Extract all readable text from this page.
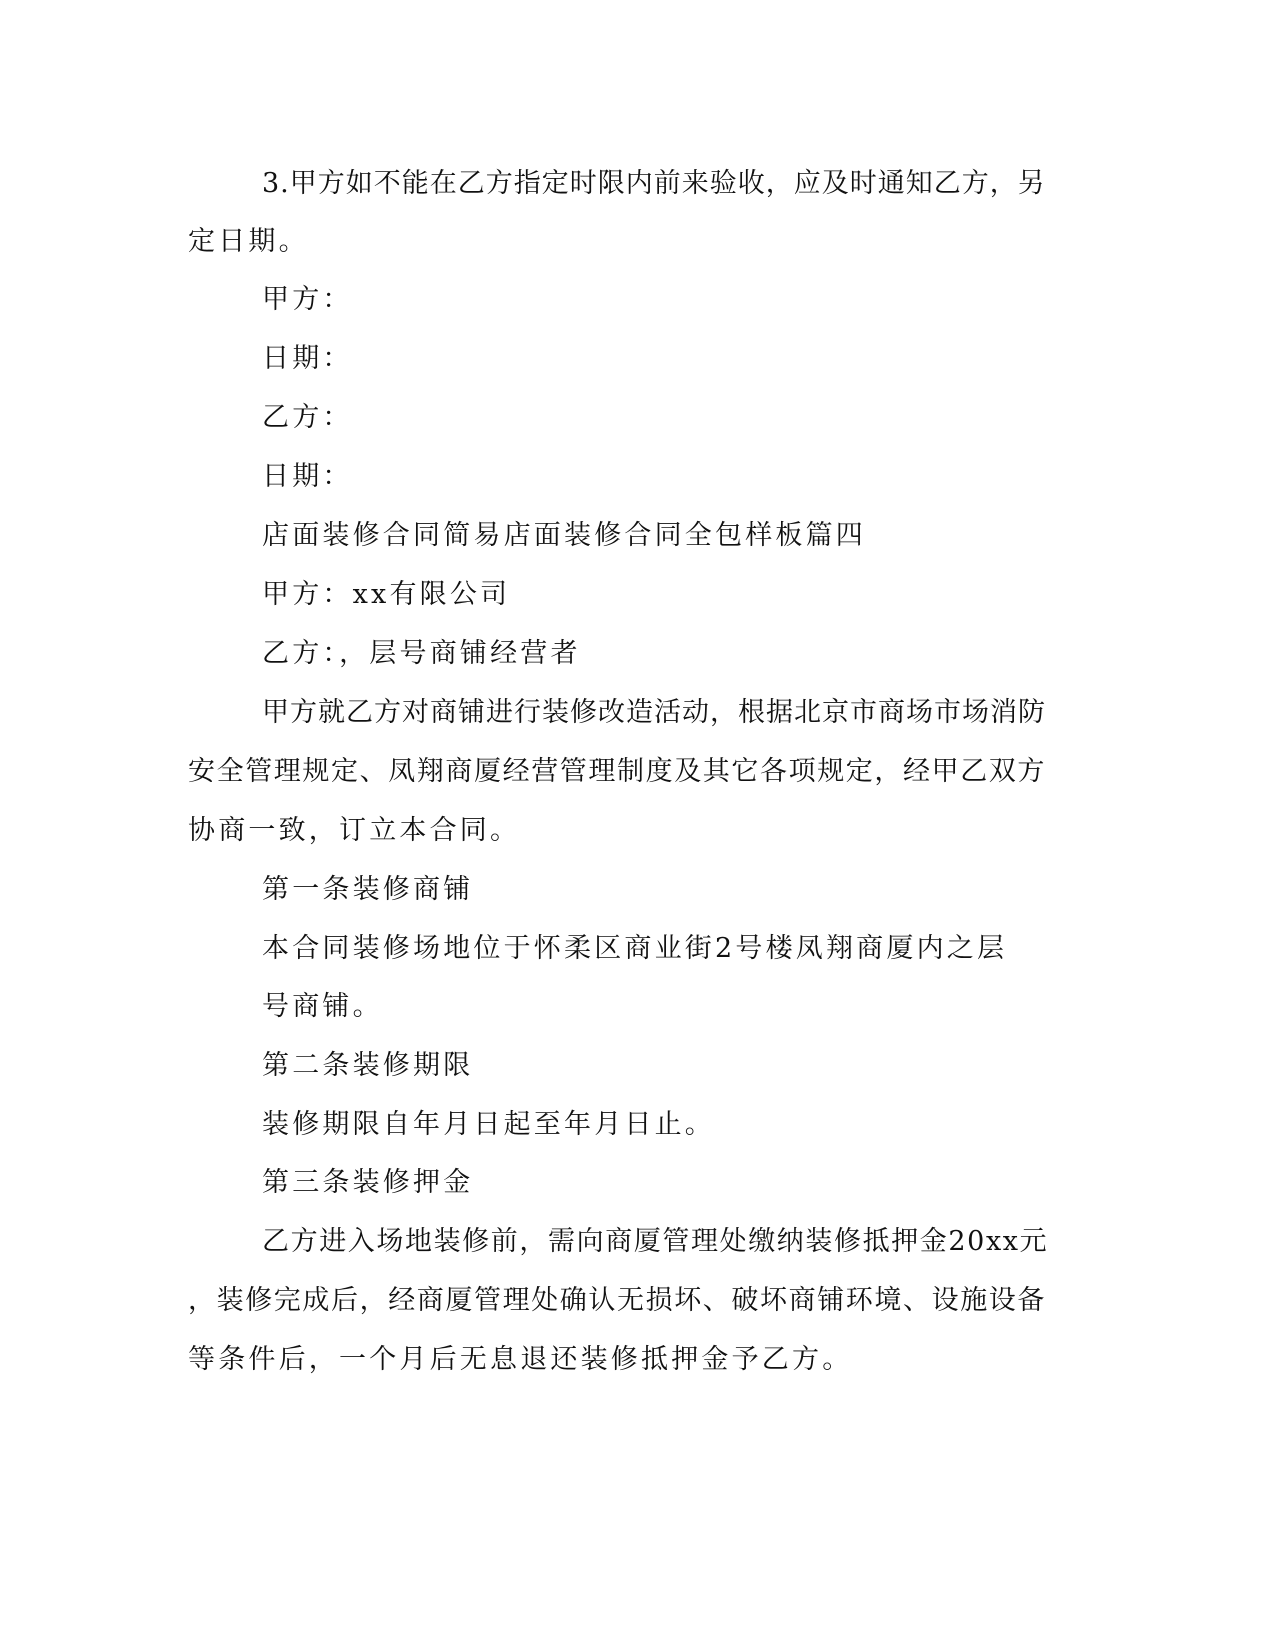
3.甲方如不能在乙方指定时限内前来验收，应及时通知乙方，另
定日期。
甲方：
日期：
乙方：
日期：
店面装修合同简易店面装修合同全包样板篇四
甲方：xx有限公司
乙方：，层号商铺经营者
甲方就乙方对商铺进行装修改造活动，根据北京市商场市场消防
安全管理规定、凤翔商厦经营管理制度及其它各项规定，经甲乙双方
协商一致，订立本合同。
第一条装修商铺
本合同装修场地位于怀柔区商业街2号楼凤翔商厦内之层
号商铺。
第二条装修期限
装修期限自年月日起至年月日止。
第三条装修押金
乙方进入场地装修前，需向商厦管理处缴纳装修抵押金20xx元
，装修完成后，经商厦管理处确认无损坏、破坏商铺环境、设施设备
等条件后，一个月后无息退还装修抵押金予乙方。
